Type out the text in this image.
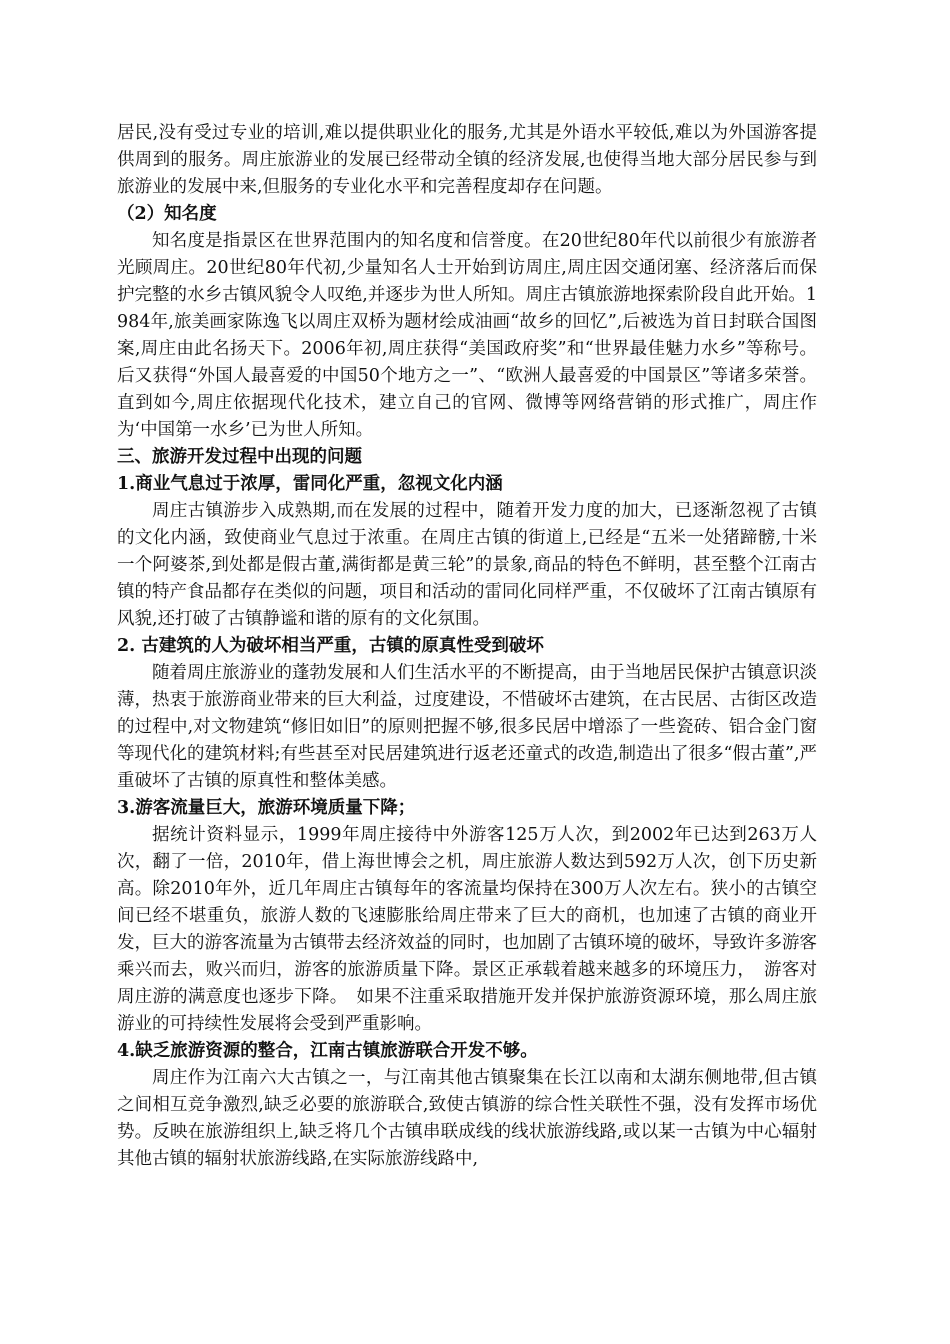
居民,没有受过专业的培训,难以提供职业化的服务,尤其是外语水平较低,难以为外国游客提供周到的服务。周庄旅游业的发展已经带动全镇的经济发展,也使得当地大部分居民参与到旅游业的发展中来,但服务的专业化水平和完善程度却存在问题。

（2）知名度

知名度是指景区在世界范围内的知名度和信誉度。在20世纪80年代以前很少有旅游者光顾周庄。20世纪80年代初,少量知名人士开始到访周庄,周庄因交通闭塞、经济落后而保护完整的水乡古镇风貌令人叹绝,并逐步为世人所知。周庄古镇旅游地探索阶段自此开始。1984年,旅美画家陈逸飞以周庄双桥为题材绘成油画“故乡的回忆”,后被选为首日封联合国图案,周庄由此名扬天下。2006年初,周庄获得“美国政府奖”和“世界最佳魅力水乡”等称号。后又获得“外国人最喜爱的中国50个地方之一”、“欧洲人最喜爱的中国景区”等诸多荣誉。直到如今,周庄依据现代化技术，建立自己的官网、微博等网络营销的形式推广，周庄作为‘中国第一水乡’已为世人所知。

三、旅游开发过程中出现的问题

1.商业气息过于浓厚，雷同化严重，忽视文化内涵

周庄古镇游步入成熟期,而在发展的过程中，随着开发力度的加大，已逐渐忽视了古镇的文化内涵，致使商业气息过于浓重。在周庄古镇的街道上,已经是“五米一处猪蹄髈,十米一个阿婆茶,到处都是假古董,满街都是黄三轮”的景象,商品的特色不鲜明，甚至整个江南古镇的特产食品都存在类似的问题，项目和活动的雷同化同样严重，不仅破坏了江南古镇原有风貌,还打破了古镇静谧和谐的原有的文化氛围。

2. 古建筑的人为破坏相当严重，古镇的原真性受到破坏

随着周庄旅游业的蓬勃发展和人们生活水平的不断提高，由于当地居民保护古镇意识淡薄，热衷于旅游商业带来的巨大利益，过度建设，不惜破坏古建筑，在古民居、古街区改造的过程中,对文物建筑“修旧如旧”的原则把握不够,很多民居中增添了一些瓷砖、铝合金门窗等现代化的建筑材料;有些甚至对民居建筑进行返老还童式的改造,制造出了很多“假古董”,严重破坏了古镇的原真性和整体美感。

3.游客流量巨大，旅游环境质量下降；

据统计资料显示，1999年周庄接待中外游客125万人次，到2002年已达到263万人次，翻了一倍，2010年，借上海世博会之机，周庄旅游人数达到592万人次，创下历史新高。除2010年外，近几年周庄古镇每年的客流量均保持在300万人次左右。狭小的古镇空间已经不堪重负，旅游人数的飞速膨胀给周庄带来了巨大的商机，也加速了古镇的商业开发，巨大的游客流量为古镇带去经济效益的同时，也加剧了古镇环境的破坏，导致许多游客乘兴而去，败兴而归，游客的旅游质量下降。景区正承载着越来越多的环境压力，　游客对周庄游的满意度也逐步下降。　如果不注重采取措施开发并保护旅游资源环境，那么周庄旅游业的可持续性发展将会受到严重影响。

4.缺乏旅游资源的整合，江南古镇旅游联合开发不够。

周庄作为江南六大古镇之一，与江南其他古镇聚集在长江以南和太湖东侧地带,但古镇之间相互竞争激烈,缺乏必要的旅游联合,致使古镇游的综合性关联性不强，没有发挥市场优势。反映在旅游组织上,缺乏将几个古镇串联成线的线状旅游线路,或以某一古镇为中心辐射其他古镇的辐射状旅游线路,在实际旅游线路中,
